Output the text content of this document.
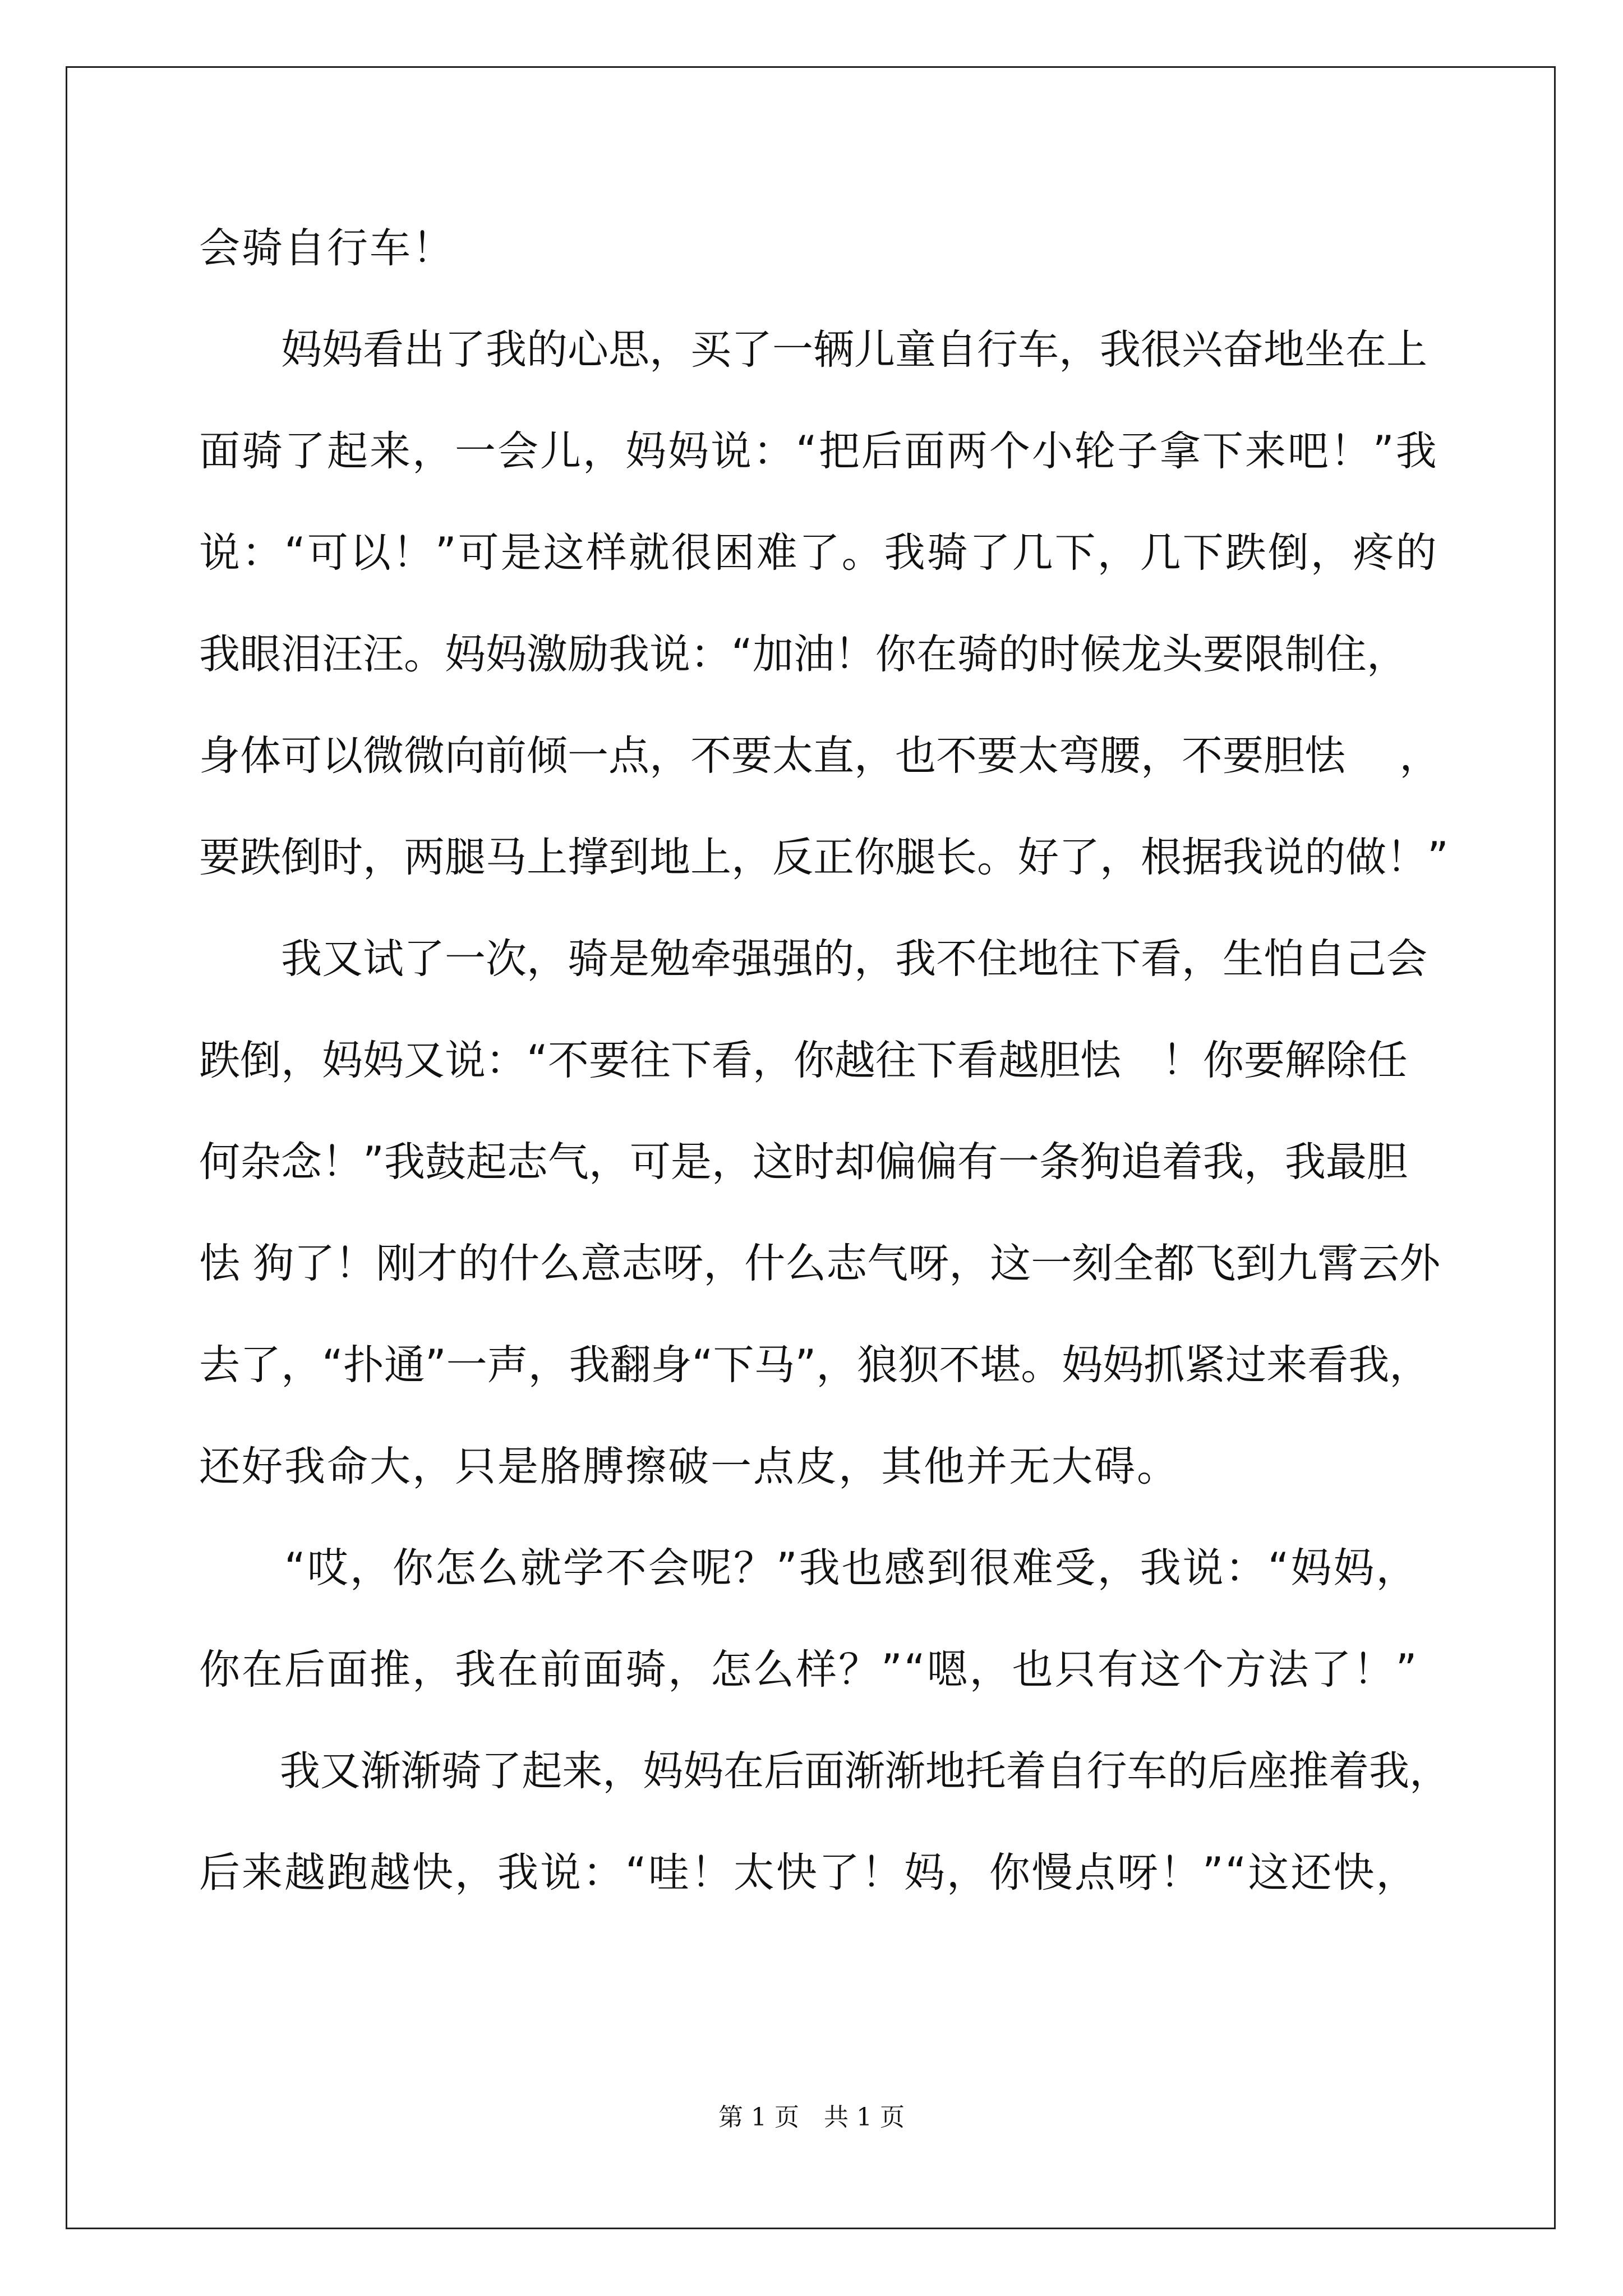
会骑自行车！
　　妈妈看出了我的心思，买了一辆儿童自行车，我很兴奋地坐在上
面骑了起来，一会儿，妈妈说：“把后面两个小轮子拿下来吧！”我
说：“可以！”可是这样就很困难了。我骑了几下，几下跌倒，疼的
我眼泪汪汪。妈妈激励我说：“加油！你在骑的时候龙头要限制住，
身体可以微微向前倾一点，不要太直，也不要太弯腰，不要胆怯　 ，
要跌倒时，两腿马上撑到地上，反正你腿长。好了，根据我说的做！”
　　我又试了一次，骑是勉牵强强的，我不住地往下看，生怕自己会
跌倒，妈妈又说：“不要往下看，你越往下看越胆怯　！你要解除任
何杂念！”我鼓起志气，可是，这时却偏偏有一条狗追着我，我最胆
怯 狗了！刚才的什么意志呀，什么志气呀，这一刻全都飞到九霄云外
去了，“扑通”一声，我翻身“下马”，狼狈不堪。妈妈抓紧过来看我，
还好我命大，只是胳膊擦破一点皮，其他并无大碍。
　　“哎，你怎么就学不会呢？”我也感到很难受，我说：“妈妈，
你在后面推，我在前面骑，怎么样？”“嗯，也只有这个方法了！”
　　我又渐渐骑了起来，妈妈在后面渐渐地托着自行车的后座推着我，
后来越跑越快，我说：“哇！太快了！妈，你慢点呀！”“这还快，
第 1 页　共 1 页
